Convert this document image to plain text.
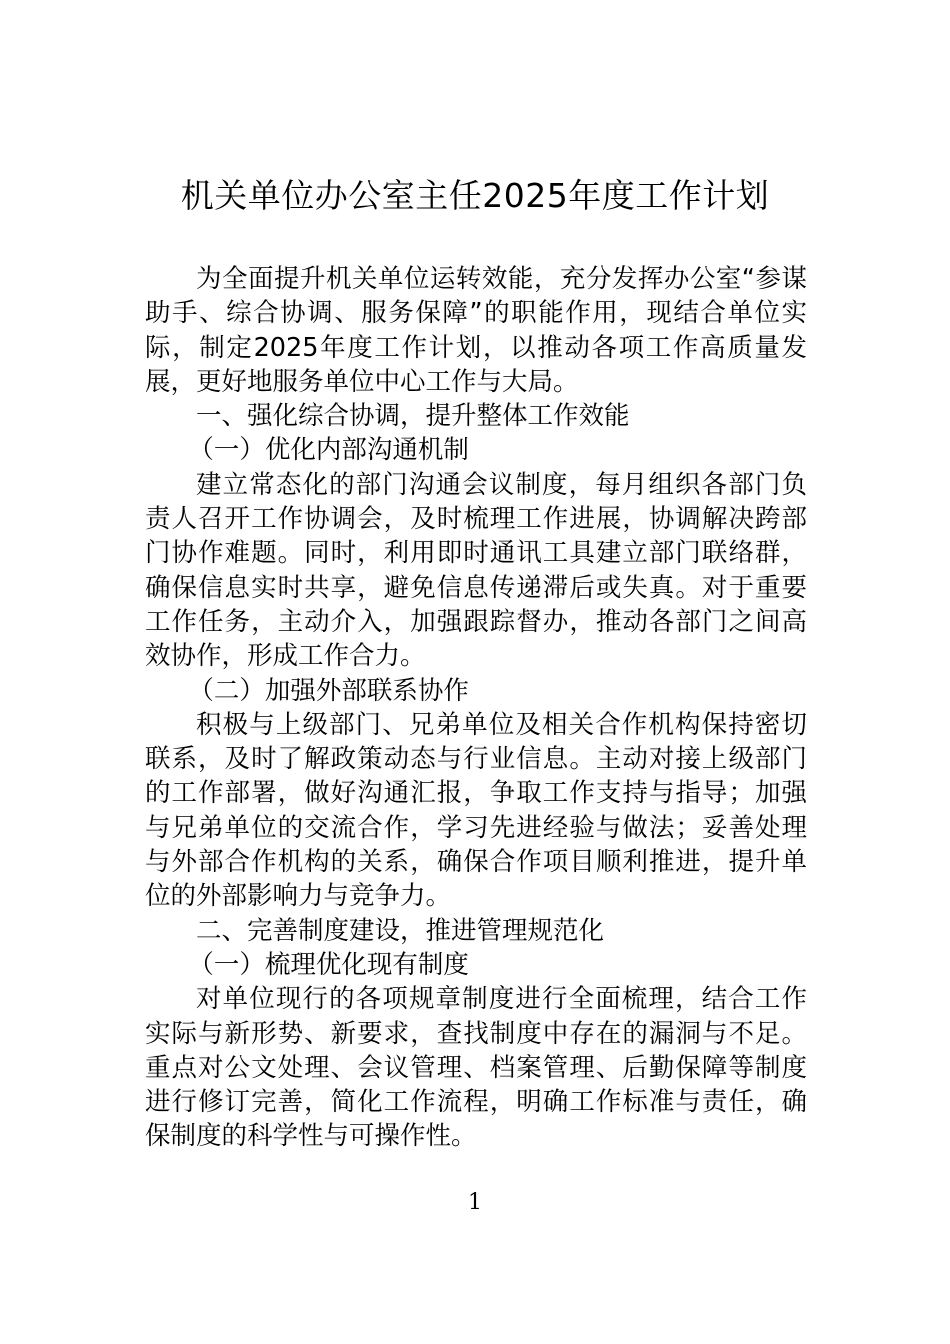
机关单位办公室主任2025年度工作计划

为全面提升机关单位运转效能，充分发挥办公室“参谋助手、综合协调、服务保障”的职能作用，现结合单位实际，制定2025年度工作计划，以推动各项工作高质量发展，更好地服务单位中心工作与大局。

一、强化综合协调，提升整体工作效能

（一）优化内部沟通机制

建立常态化的部门沟通会议制度，每月组织各部门负责人召开工作协调会，及时梳理工作进展，协调解决跨部门协作难题。同时，利用即时通讯工具建立部门联络群，确保信息实时共享，避免信息传递滞后或失真。对于重要工作任务，主动介入，加强跟踪督办，推动各部门之间高效协作，形成工作合力。

（二）加强外部联系协作

积极与上级部门、兄弟单位及相关合作机构保持密切联系，及时了解政策动态与行业信息。主动对接上级部门的工作部署，做好沟通汇报，争取工作支持与指导；加强与兄弟单位的交流合作，学习先进经验与做法；妥善处理与外部合作机构的关系，确保合作项目顺利推进，提升单位的外部影响力与竞争力。

二、完善制度建设，推进管理规范化

（一）梳理优化现有制度

对单位现行的各项规章制度进行全面梳理，结合工作实际与新形势、新要求，查找制度中存在的漏洞与不足。重点对公文处理、会议管理、档案管理、后勤保障等制度进行修订完善，简化工作流程，明确工作标准与责任，确保制度的科学性与可操作性。

1
